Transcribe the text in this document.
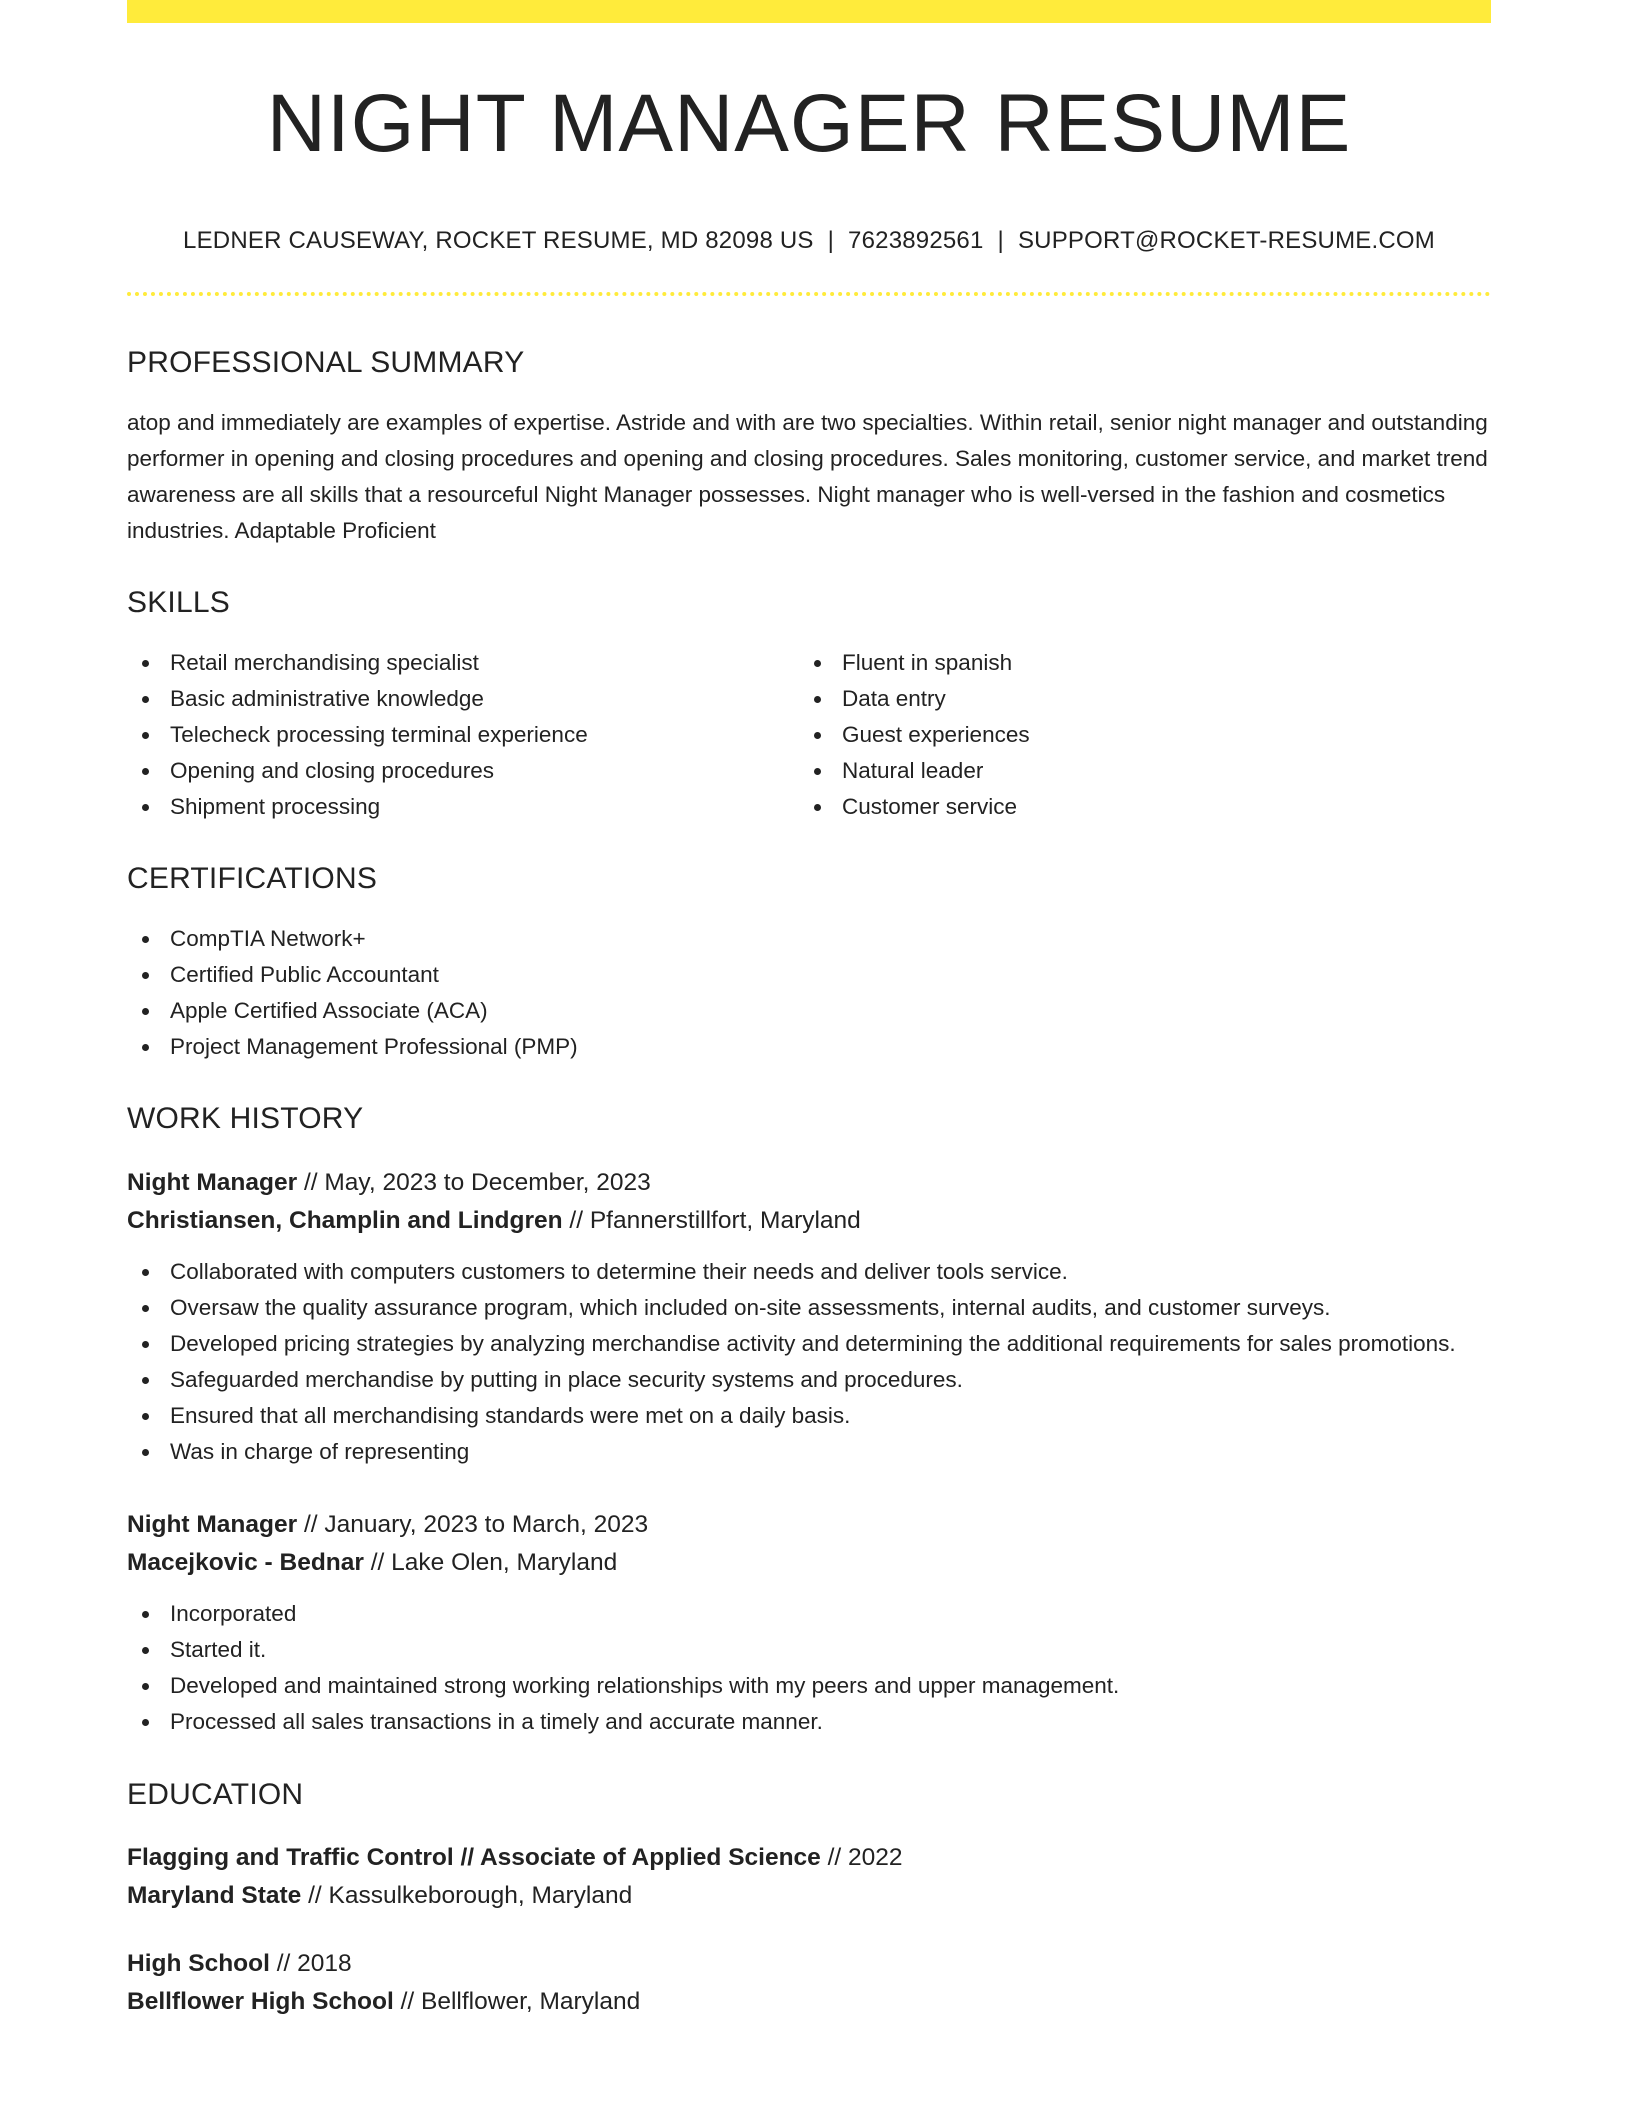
NIGHT MANAGER RESUME
LEDNER CAUSEWAY, ROCKET RESUME, MD 82098 US | 7623892561 | SUPPORT@ROCKET-RESUME.COM
PROFESSIONAL SUMMARY

atop and immediately are examples of expertise. Astride and with are two specialties. Within retail, senior night manager and outstanding performer in opening and closing procedures and opening and closing procedures. Sales monitoring, customer service, and market trend awareness are all skills that a resourceful Night Manager possesses. Night manager who is well-versed in the fashion and cosmetics industries. Adaptable Proficient

SKILLS
Retail merchandising specialist
Basic administrative knowledge
Telecheck processing terminal experience
Opening and closing procedures
Shipment processing
Fluent in spanish
Data entry
Guest experiences
Natural leader
Customer service
CERTIFICATIONS
CompTIA Network+
Certified Public Accountant
Apple Certified Associate (ACA)
Project Management Professional (PMP)
WORK HISTORY
Night Manager // May, 2023 to December, 2023
Christiansen, Champlin and Lindgren // Pfannerstillfort, Maryland
Collaborated with computers customers to determine their needs and deliver tools service.
Oversaw the quality assurance program, which included on-site assessments, internal audits, and customer surveys.
Developed pricing strategies by analyzing merchandise activity and determining the additional requirements for sales promotions.
Safeguarded merchandise by putting in place security systems and procedures.
Ensured that all merchandising standards were met on a daily basis.
Was in charge of representing
Night Manager // January, 2023 to March, 2023
Macejkovic - Bednar // Lake Olen, Maryland
Incorporated
Started it.
Developed and maintained strong working relationships with my peers and upper management.
Processed all sales transactions in a timely and accurate manner.
EDUCATION
Flagging and Traffic Control // Associate of Applied Science // 2022
Maryland State // Kassulkeborough, Maryland
High School // 2018
Bellflower High School // Bellflower, Maryland
